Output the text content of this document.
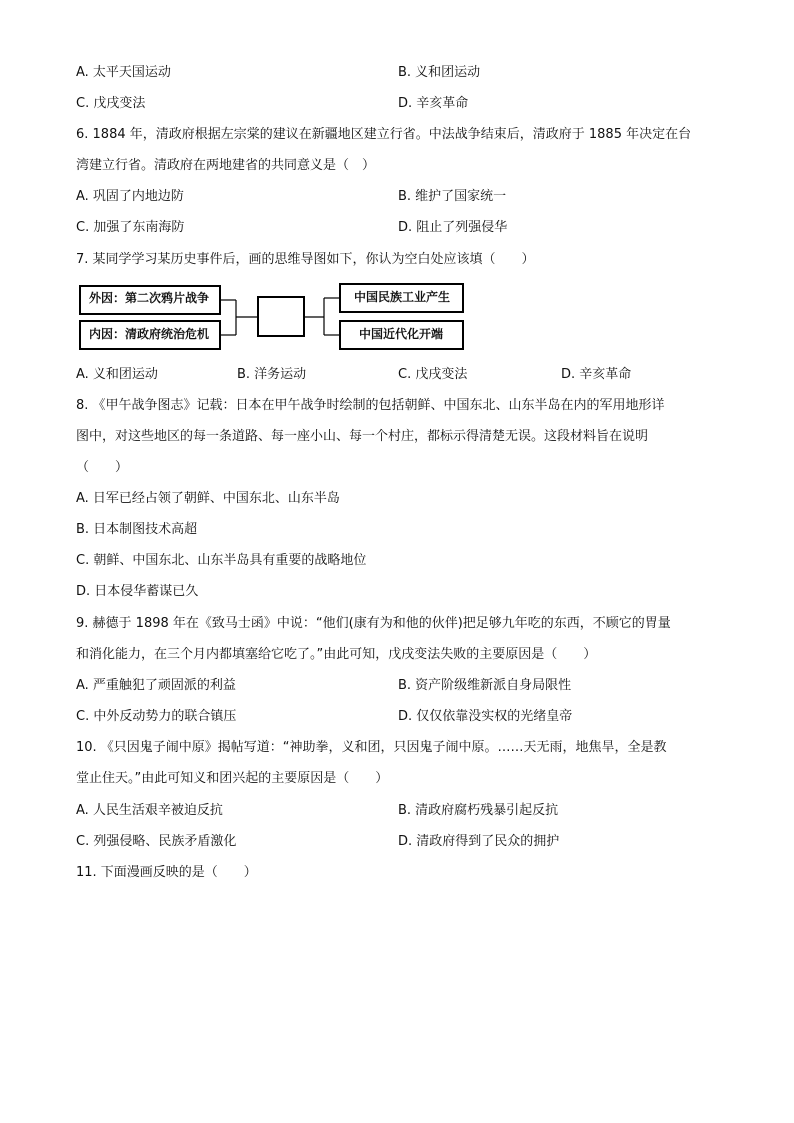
A. 太平天国运动	B. 义和团运动
C. 戊戌变法	D. 辛亥革命
6. 1884 年，清政府根据左宗棠的建议在新疆地区建立行省。中法战争结束后，清政府于 1885 年决定在台
湾建立行省。清政府在两地建省的共同意义是（　）
A. 巩固了内地边防	B. 维护了国家统一
C. 加强了东南海防	D. 阻止了列强侵华
7. 某同学学习某历史事件后，画的思维导图如下，你认为空白处应该填（　　）
外因：第二次鸦片战争
内因：清政府统治危机
中国民族工业产生
中国近代化开端
A. 义和团运动	B. 洋务运动	C. 戊戌变法	D. 辛亥革命
8. 《甲午战争图志》记载：日本在甲午战争时绘制的包括朝鲜、中国东北、山东半岛在内的军用地形详
图中，对这些地区的每一条道路、每一座小山、每一个村庄，都标示得清楚无误。这段材料旨在说明
（　　）
A. 日军已经占领了朝鲜、中国东北、山东半岛
B. 日本制图技术高超
C. 朝鲜、中国东北、山东半岛具有重要的战略地位
D. 日本侵华蓄谋已久
9. 赫德于 1898 年在《致马士函》中说：“他们(康有为和他的伙伴)把足够九年吃的东西，不顾它的胃量
和消化能力，在三个月内都填塞给它吃了。”由此可知，戊戌变法失败的主要原因是（　　）
A. 严重触犯了顽固派的利益	B. 资产阶级维新派自身局限性
C. 中外反动势力的联合镇压	D. 仅仅依靠没实权的光绪皇帝
10. 《只因鬼子闹中原》揭帖写道：“神助拳，义和团，只因鬼子闹中原。……天无雨，地焦旱，全是教
堂止住天。”由此可知义和团兴起的主要原因是（　　）
A. 人民生活艰辛被迫反抗	B. 清政府腐朽残暴引起反抗
C. 列强侵略、民族矛盾激化	D. 清政府得到了民众的拥护
11. 下面漫画反映的是（　　）
